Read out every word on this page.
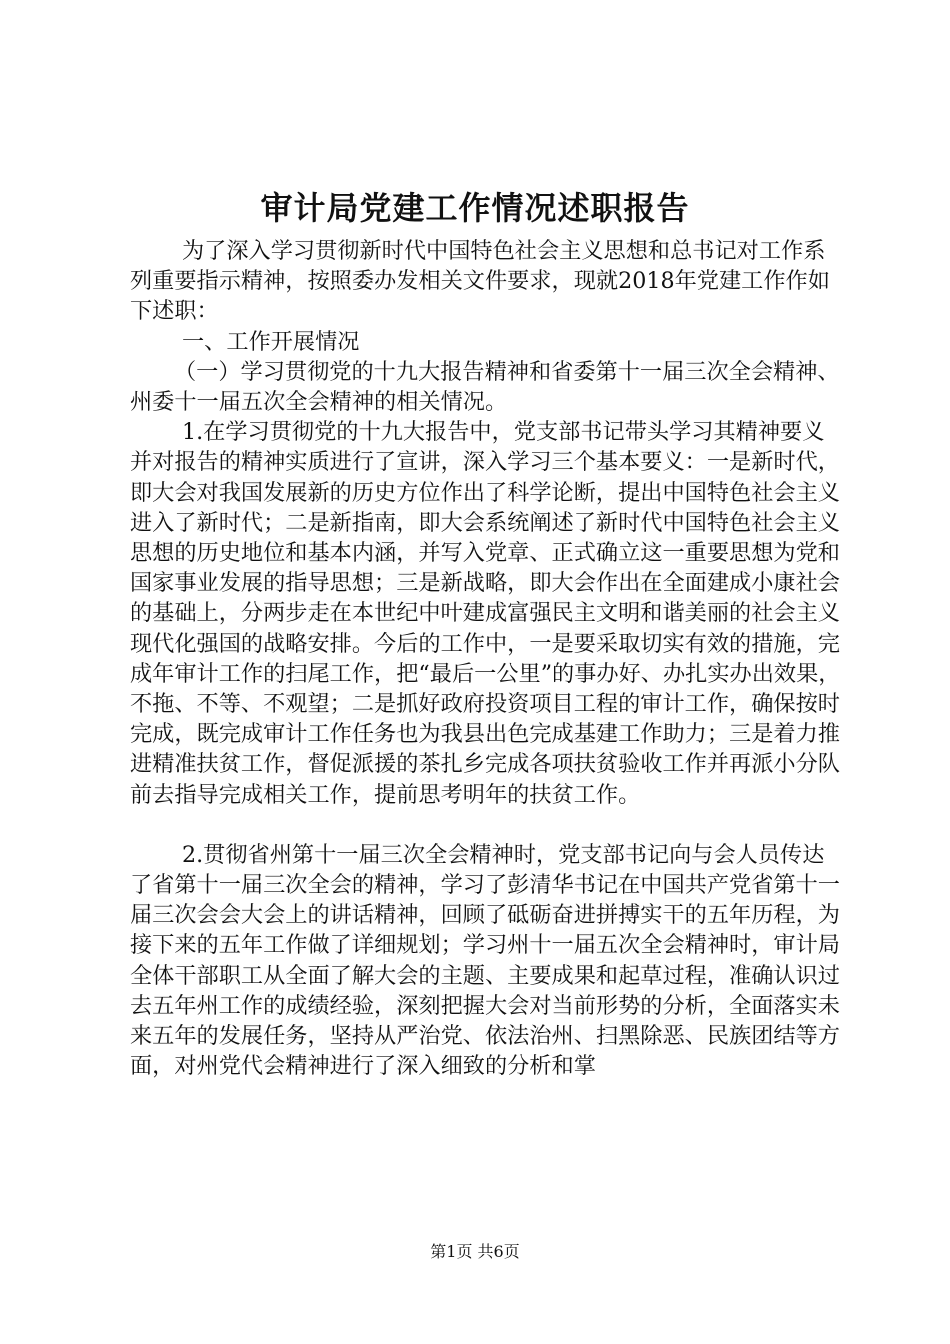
审计局党建工作情况述职报告

为了深入学习贯彻新时代中国特色社会主义思想和总书记对工作系列重要指示精神，按照委办发相关文件要求，现就2018年党建工作作如下述职：

一、工作开展情况

（一）学习贯彻党的十九大报告精神和省委第十一届三次全会精神、州委十一届五次全会精神的相关情况。

1.在学习贯彻党的十九大报告中，党支部书记带头学习其精神要义并对报告的精神实质进行了宣讲，深入学习三个基本要义：一是新时代，即大会对我国发展新的历史方位作出了科学论断，提出中国特色社会主义进入了新时代；二是新指南，即大会系统阐述了新时代中国特色社会主义思想的历史地位和基本内涵，并写入党章、正式确立这一重要思想为党和国家事业发展的指导思想；三是新战略，即大会作出在全面建成小康社会的基础上，分两步走在本世纪中叶建成富强民主文明和谐美丽的社会主义现代化强国的战略安排。今后的工作中，一是要采取切实有效的措施，完成年审计工作的扫尾工作，把“最后一公里”的事办好、办扎实办出效果，不拖、不等、不观望；二是抓好政府投资项目工程的审计工作，确保按时完成，既完成审计工作任务也为我县出色完成基建工作助力；三是着力推进精准扶贫工作，督促派援的茶扎乡完成各项扶贫验收工作并再派小分队前去指导完成相关工作，提前思考明年的扶贫工作。

2.贯彻省州第十一届三次全会精神时，党支部书记向与会人员传达了省第十一届三次全会的精神，学习了彭清华书记在中国共产党省第十一届三次会会大会上的讲话精神，回顾了砥砺奋进拼搏实干的五年历程，为接下来的五年工作做了详细规划；学习州十一届五次全会精神时，审计局全体干部职工从全面了解大会的主题、主要成果和起草过程，准确认识过去五年州工作的成绩经验，深刻把握大会对当前形势的分析，全面落实未来五年的发展任务，坚持从严治党、依法治州、扫黑除恶、民族团结等方面，对州党代会精神进行了深入细致的分析和掌

第1页 共6页
